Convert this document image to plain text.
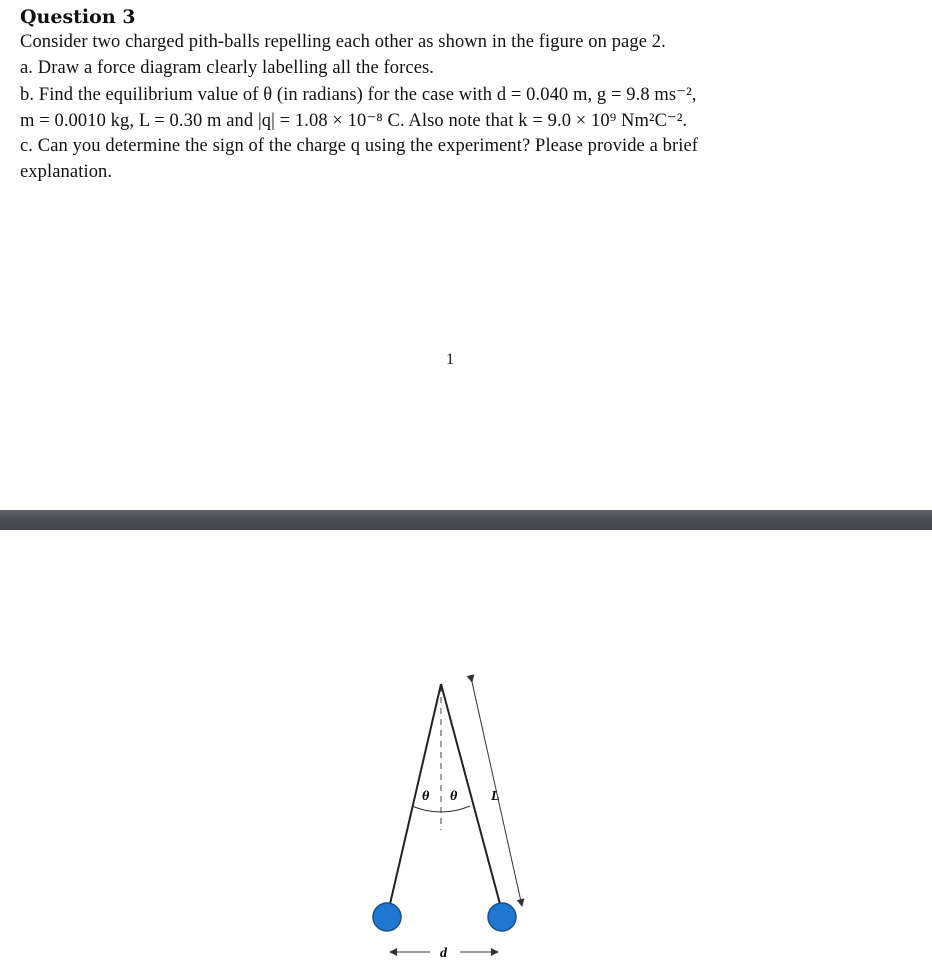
Question 3
Consider two charged pith-balls repelling each other as shown in the figure on page 2.
a. Draw a force diagram clearly labelling all the forces.
b. Find the equilibrium value of θ (in radians) for the case with d = 0.040 m, g = 9.8 ms⁻²,
m = 0.0010 kg, L = 0.30 m and |q| = 1.08 × 10⁻⁸ C. Also note that k = 9.0 × 10⁹ Nm²C⁻².
c. Can you determine the sign of the charge q using the experiment? Please provide a brief
explanation.
1
θ θ L
d
